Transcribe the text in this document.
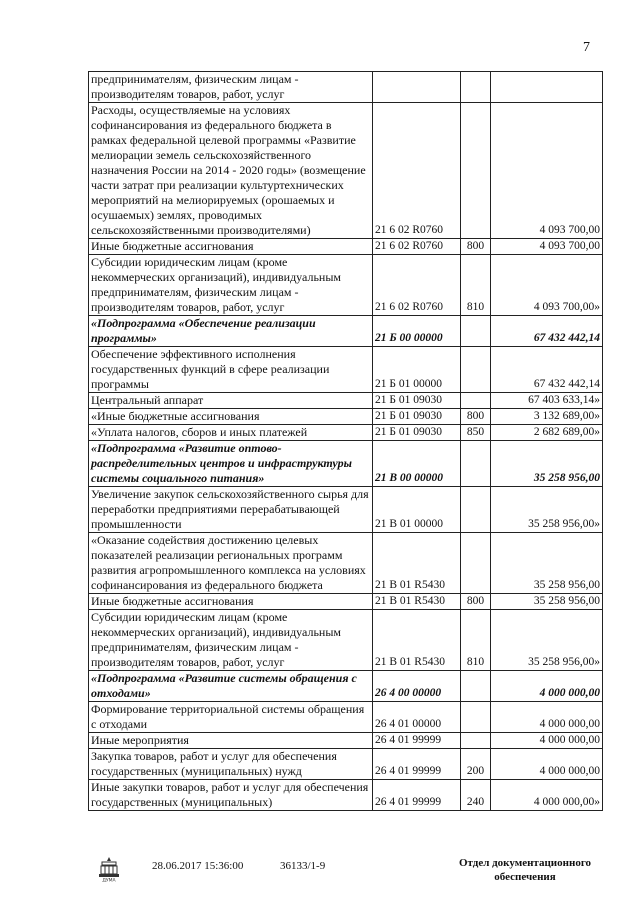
7
предпринимателям, физическим лицам - производителям товаров, работ, услуг			
Расходы, осуществляемые на условиях софинансирования из федерального бюджета в рамках федеральной целевой программы «Развитие мелиорации земель сельскохозяйственного назначения России на 2014 - 2020 годы» (возмещение части затрат при реализации культуртехнических мероприятий на мелиорируемых (орошаемых и осушаемых) землях, проводимых сельскохозяйственными производителями)	21 6 02 R0760		4 093 700,00
Иные бюджетные ассигнования	21 6 02 R0760	800	4 093 700,00
Субсидии юридическим лицам (кроме некоммерческих организаций), индивидуальным предпринимателям, физическим лицам - производителям товаров, работ, услуг	21 6 02 R0760	810	4 093 700,00»
«Подпрограмма «Обеспечение реализации программы»	21 Б 00 00000		67 432 442,14
Обеспечение эффективного исполнения государственных функций в сфере реализации программы	21 Б 01 00000		67 432 442,14
Центральный аппарат	21 Б 01 09030		67 403 633,14»
«Иные бюджетные ассигнования	21 Б 01 09030	800	3 132 689,00»
«Уплата налогов, сборов и иных платежей	21 Б 01 09030	850	2 682 689,00»
«Подпрограмма «Развитие оптово-распределительных центров и инфраструктуры системы социального питания»	21 В 00 00000		35 258 956,00
Увеличение закупок сельскохозяйственного сырья для переработки предприятиями перерабатывающей промышленности	21 В 01 00000		35 258 956,00»
«Оказание содействия достижению целевых показателей реализации региональных программ развития агропромышленного комплекса на условиях софинансирования из федерального бюджета	21 В 01 R5430		35 258 956,00
Иные бюджетные ассигнования	21 В 01 R5430	800	35 258 956,00
Субсидии юридическим лицам (кроме некоммерческих организаций), индивидуальным предпринимателям, физическим лицам - производителям товаров, работ, услуг	21 В 01 R5430	810	35 258 956,00»
«Подпрограмма «Развитие системы обращения с отходами»	26 4 00 00000		4 000 000,00
Формирование территориальной системы обращения с отходами	26 4 01 00000		4 000 000,00
Иные мероприятия	26 4 01 99999		4 000 000,00
Закупка товаров, работ и услуг для обеспечения государственных (муниципальных) нужд	26 4 01 99999	200	4 000 000,00
Иные закупки товаров, работ и услуг для обеспечения государственных (муниципальных)	26 4 01 99999	240	4 000 000,00»
ДУМА
28.06.2017 15:36:00	36133/1-9	Отдел документационного
обеспечения
